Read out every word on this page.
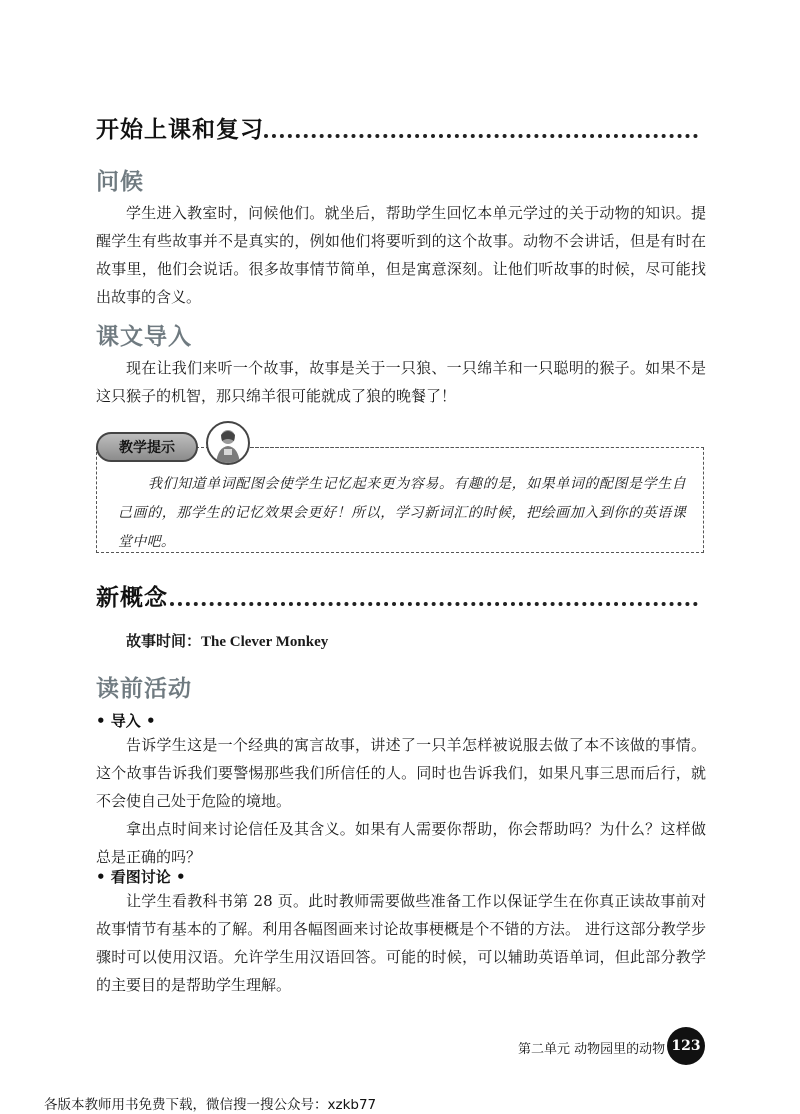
开始上课和复习
问候

学生进入教室时，问候他们。就坐后，帮助学生回忆本单元学过的关于动物的知识。提醒学生有些故事并不是真实的，例如他们将要听到的这个故事。动物不会讲话，但是有时在故事里，他们会说话。很多故事情节简单，但是寓意深刻。让他们听故事的时候，尽可能找出故事的含义。

课文导入

现在让我们来听一个故事，故事是关于一只狼、一只绵羊和一只聪明的猴子。如果不是这只猴子的机智，那只绵羊很可能就成了狼的晚餐了！

教学提示

我们知道单词配图会使学生记忆起来更为容易。有趣的是，如果单词的配图是学生自己画的，那学生的记忆效果会更好！所以，学习新词汇的时候，把绘画加入到你的英语课堂中吧。

新概念
故事时间：The Clever Monkey
读前活动
• 导入 •

告诉学生这是一个经典的寓言故事，讲述了一只羊怎样被说服去做了本不该做的事情。这个故事告诉我们要警惕那些我们所信任的人。同时也告诉我们，如果凡事三思而后行，就不会使自己处于危险的境地。

拿出点时间来讨论信任及其含义。如果有人需要你帮助，你会帮助吗？为什么？这样做总是正确的吗？

• 看图讨论 •

让学生看教科书第 28 页。此时教师需要做些准备工作以保证学生在你真正读故事前对故事情节有基本的了解。利用各幅图画来讨论故事梗概是个不错的方法。 进行这部分教学步骤时可以使用汉语。允许学生用汉语回答。可能的时候，可以辅助英语单词，但此部分教学的主要目的是帮助学生理解。

第二单元 动物园里的动物 123
各版本教师用书免费下载，微信搜一搜公众号：xzkb77
